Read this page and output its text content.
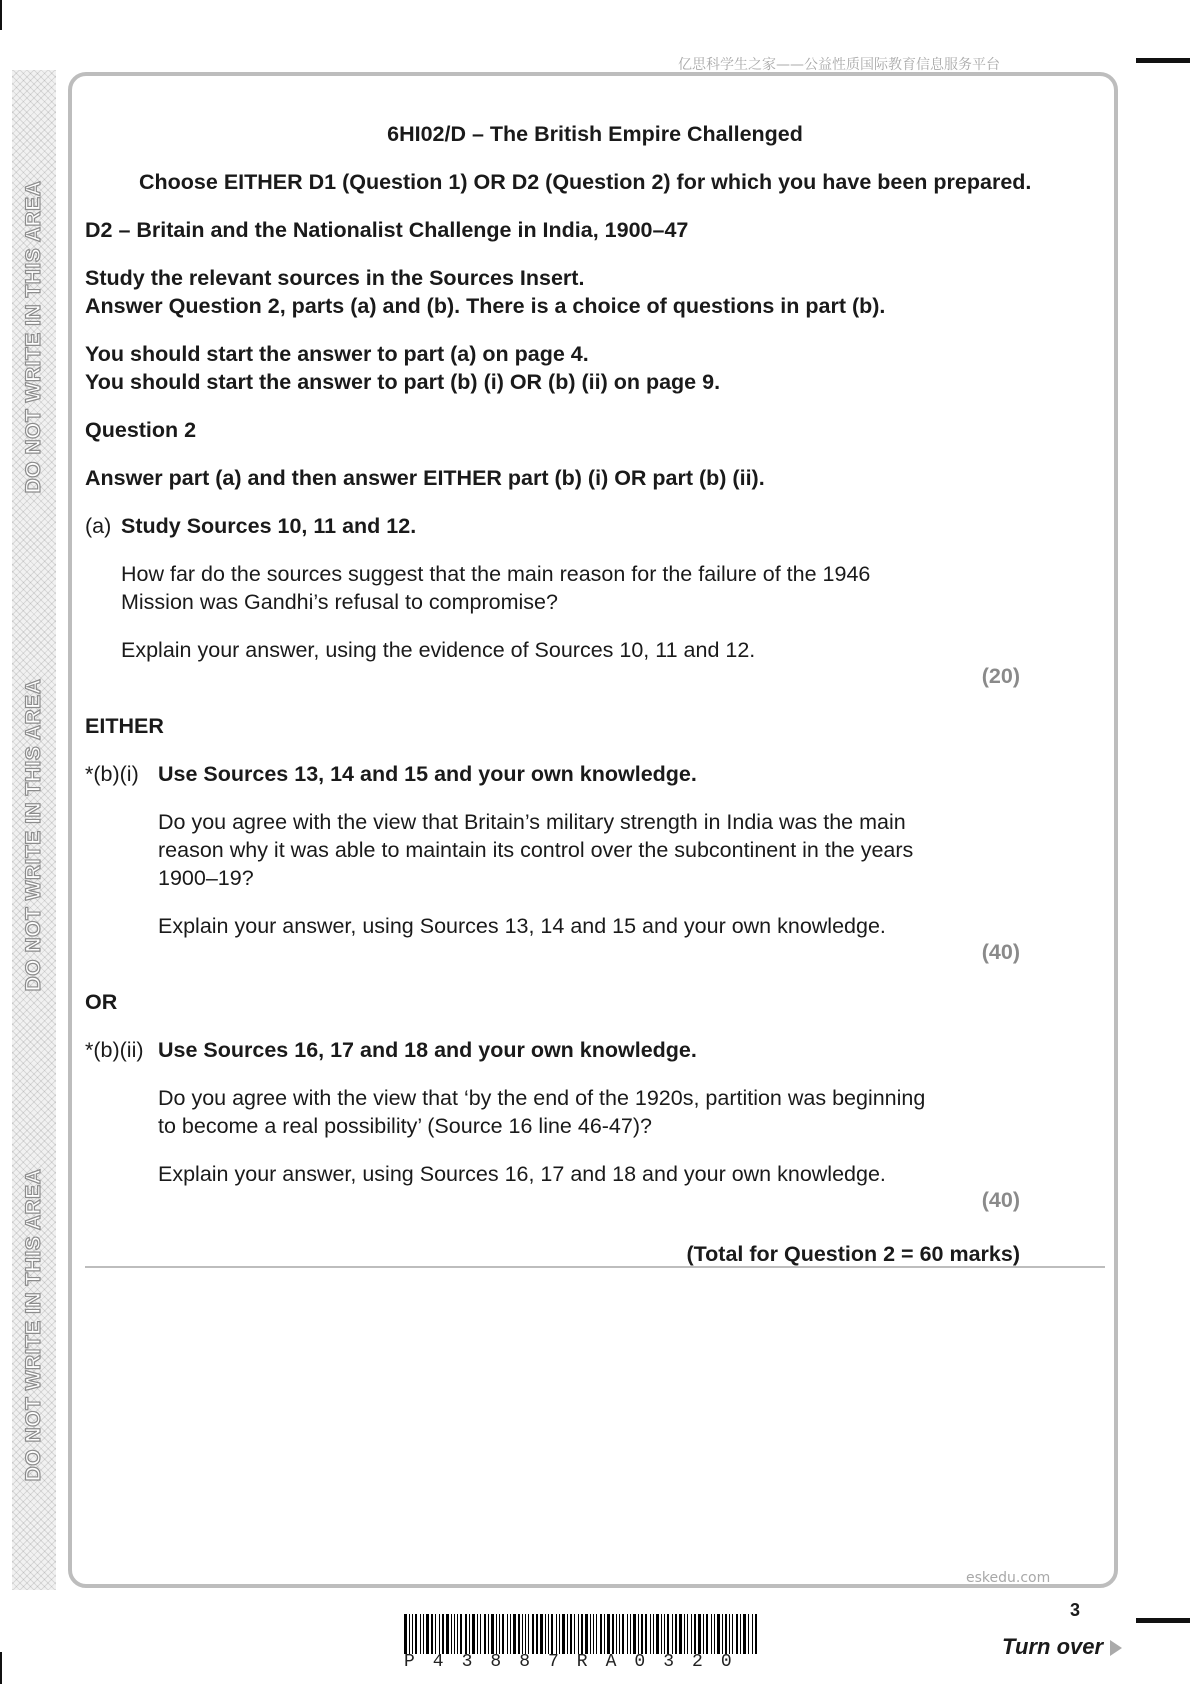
DO NOT WRITE IN THIS AREA
DO NOT WRITE IN THIS AREA
DO NOT WRITE IN THIS AREA
亿思科学生之家——公益性质国际教育信息服务平台
6HI02/D – The British Empire Challenged
Choose EITHER D1 (Question 1) OR D2 (Question 2) for which you have been prepared.
D2 – Britain and the Nationalist Challenge in India, 1900–47
Study the relevant sources in the Sources Insert.
Answer Question 2, parts (a) and (b). There is a choice of questions in part (b).
You should start the answer to part (a) on page 4.
You should start the answer to part (b) (i) OR (b) (ii) on page 9.
Question 2
Answer part (a) and then answer EITHER part (b) (i) OR part (b) (ii).
(a) Study Sources 10, 11 and 12.
How far do the sources suggest that the main reason for the failure of the 1946
Mission was Gandhi’s refusal to compromise?
Explain your answer, using the evidence of Sources 10, 11 and 12.
(20)
EITHER
*(b)(i) Use Sources 13, 14 and 15 and your own knowledge.
Do you agree with the view that Britain’s military strength in India was the main
reason why it was able to maintain its control over the subcontinent in the years
1900–19?
Explain your answer, using Sources 13, 14 and 15 and your own knowledge.
(40)
OR
*(b)(ii) Use Sources 16, 17 and 18 and your own knowledge.
Do you agree with the view that ‘by the end of the 1920s, partition was beginning
to become a real possibility’ (Source 16 line 46-47)?
Explain your answer, using Sources 16, 17 and 18 and your own knowledge.
(40)
(Total for Question 2 = 60 marks)
eskedu.com
3
P43887RA0320
Turn over
